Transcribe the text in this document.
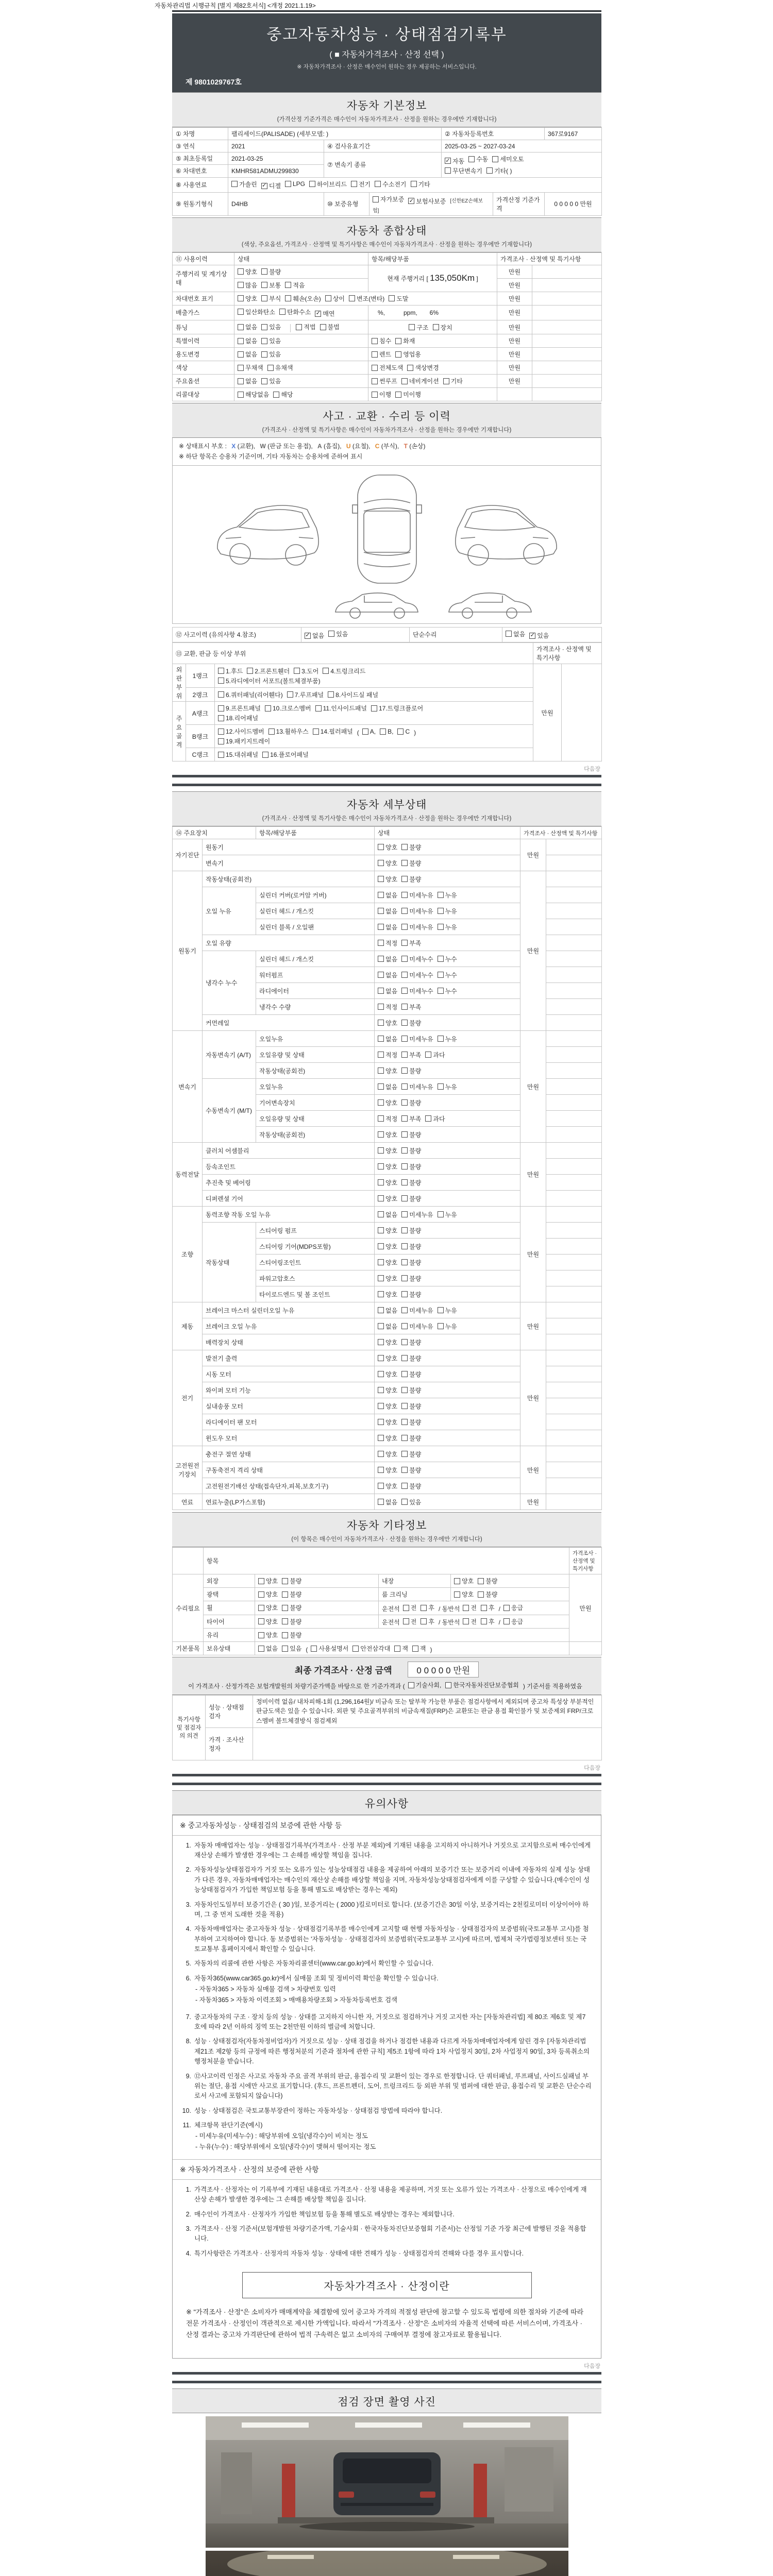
자동차관리법 시행규칙 [별지 제82호서식] <개정 2021.1.19>
중고자동차성능 · 상태점검기록부
( ■ 자동차가격조사 · 산정 선택 )
※ 자동차가격조사 · 산정은 매수인이 원하는 경우 제공하는 서비스입니다.
제 9801029767호
자동차 기본정보
(가격산정 기준가격은 매수인이 자동차가격조사 · 산정을 원하는 경우에만 기재합니다)
① 차명	팰리세이드(PALISADE) (세부모델: )			② 자동차등록번호		367로9167
③ 연식	2021	④ 검사유효기간		2025-03-25 ~ 2027-03-24		
⑤ 최초등록일	2021-03-25	⑦ 변속기 종류	
✓
자동 수동 세미오토

무단변속기 기타( )

⑥ 차대번호	KMHR581ADMU299830					
⑧ 사용연료	가솔린 ✓ 디젤 LPG 하이브리드 전기 수소전기 기타

⑨ 원동기형식	D4HB	⑩ 보증유형	자가보증 ✓ 보험사보증 [신한EZ손해보험]		가격산정 기준가격	0 0 0 0 0 만원
자동차 종합상태
(색상, 주요옵션, 가격조사 · 산정액 및 특기사항은 매수인이 자동차가격조사 · 산정을 원하는 경우에만 기재합니다)
⑪ 사용이력	상태	항목/해당부품	가격조사 · 산정액 및 특기사항	
주행거리 및 계기상태	양호 불량	현재 주행거리 [ 135,050Km ]	만원	

	많음 보통 적음		만원	
차대번호 표기	양호 부식 훼손(오손) 상이 변조(변타) 도말	만원	
배출가스	일산화탄소 탄화수소 ✓ 매연	　%,　　　ppm,　　6%	만원	
튜닝	없음 있음 적법 불법	구조 장치	만원	
특별이력	없음 있음	침수 화재	만원	
용도변경	없음 있음	렌트 영업용	만원	
색상	무채색 유채색	전체도색 색상변경	만원	
주요옵션	없음 있음	썬루프 네비게이션 기타	만원	
리콜대상	해당없음 해당	이행 미이행		

사고 · 교환 · 수리 등 이력
(가격조사 · 산정액 및 특기사항은 매수인이 자동차가격조사 · 산정을 원하는 경우에만 기재합니다)
※ 상태표시 부호 : X (교환), W (판금 또는 용접), A (흠집), U (요철), C (부식), T (손상)
※ 하단 항목은 승용차 기준이며, 기타 자동차는 승용차에 준하여 표시
⑫ 사고이력 (유의사항 4.참조)	
✓없음 있음	단순수리	없음 ✓ 있음
⑬ 교환, 판금 등 이상 부위			가격조사 · 산정액 및 특기사항	
외판부위	1랭크	1.후드 2.프론트휀더 3.도어 4.트렁크리드

5.라디에이터 서포트(볼트체결부품)	만원	
	2랭크	6.쿼터패널(리어휀다) 7.루프패널 8.사이드실 패널		

주요골격	A랭크	9.프론트패널 10.크로스멤버 11.인사이드패널 17.트렁크플로어

18.리어패널		

B랭크	
12.사이드멤버 13.휠하우스 14.필러패널 ( A, B, C )

19.패키지트레이

	C랭크	15.대쉬패널 16.플로어패널		
다음장
자동차 세부상태
(가격조사 · 산정액 및 특기사항은 매수인이 자동차가격조사 · 산정을 원하는 경우에만 기재합니다)
⑭ 주요장치		항목/해당부품	상태	가격조사 · 산정액 및 특기사항	
자기진단	원동기		양호 불량	만원	
	변속기		양호 불량		

원동기	작동상태(공회전)		양호 불량	만원	
	오일 누유	실린더 커버(로커암 커버)	없음 미세누유 누유		

		실린더 헤드 / 개스킷	없음 미세누유 누유		

		실린더 블록 / 오일팬	없음 미세누유 누유		

	오일 유량		적정 부족		

	냉각수 누수	실린더 헤드 / 개스킷	없음 미세누수 누수		

		워터펌프	없음 미세누수 누수		

		라디에이터	없음 미세누수 누수		

		냉각수 수량	적정 부족		

	커먼레일		양호 불량		

변속기	자동변속기 (A/T)	오일누유	없음 미세누유 누유	만원	
		오일유량 및 상태	적정 부족 과다		

		작동상태(공회전)	양호 불량		

	수동변속기 (M/T)	오일누유	없음 미세누유 누유		

		기어변속장치	양호 불량		

		오일유량 및 상태	적정 부족 과다		

		작동상태(공회전)	양호 불량		

동력전달	클러치 어셈블리		양호 불량	만원	
	등속조인트		양호 불량		

	추진축 및 베어링		양호 불량		

	디퍼렌셜 기어		양호 불량		

조향	동력조향 작동 오일 누유		없음 미세누유 누유	만원	
	작동상태	스티어링 펌프	양호 불량		

		스티어링 기어(MDPS포함)	양호 불량		

		스티어링조인트	양호 불량		

		파워고압호스	양호 불량		

		타이로드엔드 및 볼 조인트	양호 불량		

제동	브레이크 마스터 실린더오일 누유		없음 미세누유 누유	만원	
	브레이크 오일 누유		없음 미세누유 누유		

	배력장치 상태		양호 불량		

전기	발전기 출력		양호 불량	만원	
	시동 모터		양호 불량		

	와이퍼 모터 기능		양호 불량		

	실내송풍 모터		양호 불량		

	라디에이터 팬 모터		양호 불량		

	윈도우 모터		양호 불량		

고전원전기장치	충전구 절연 상태		양호 불량	만원	
	구동축전지 격리 상태		양호 불량		

	고전원전기배선 상태(접속단자,피복,보호기구)		양호 불량		

연료	연료누출(LP가스포함)		없음 있음	만원	
자동차 기타정보
(이 항목은 매수인이 자동차가격조사 · 산정을 원하는 경우에만 기재합니다)
	항목				가격조사 · 산정액 및 특기사항
수리필요	외장	양호 불량	내장	양호 불량	만원
	광택	양호 불량	룸 크리닝	양호 불량	

휠	양호 불량	운전석 전 후 / 동반석 전 후 / 응급

타이어	양호 불량	운전석 전 후 / 동반석 전 후 / 응급

	유리	양호 불량			

기본품목	보유상태	없음 있음 ( 사용설명서 안전삼각대 잭 잭 )	
최종 가격조사 · 산정 금액	0 0 0 0 0 만원
이 가격조사 · 산정가격은 보험개발원의 차량기준가액을 바탕으로 한 기준가격과 ( 기술사회, 한국자동차진단보증협회 ) 기준서를 적용하였음
특기사항 및 점검자의 의견	성능 · 상태점검자	정비이력 없음/ 내차피해-1회 (1,296,164원)/ 비금속 또는 탈부착 가능한 부품은 점검사항에서 제외되며 중고차 특성상 부분적인 판금도색은 있을 수 있습니다. 외판 및 주요골격부위의 비금속재질(FRP)은 교환또는 판금 용접 확인불가 및 보증제외 FRP/크로스멤버 볼트체결방식 점검제외
	가격 · 조사산정자	
다음장
유의사항
※ 중고자동차성능 · 상태점검의 보증에 관한 사항 등
1. 자동차 매매업자는 성능 · 상태점검기록부(가격조사 · 산정 부분 제외)에 기재된 내용을 고지하지 아니하거나 거짓으로 고지함으로써 매수인에게 재산상 손해가 발생한 경우에는 그 손해를 배상할 책임을 집니다.
2. 자동차성능상태점검자가 거짓 또는 오류가 있는 성능상태점검 내용을 제공하여 아래의 보증기간 또는 보증거리 이내에 자동차의 실제 성능 상태가 다른 경우, 자동차매매업자는 매수인의 재산상 손해를 배상할 책임을 지며, 자동차성능상태점검자에게 이를 구상할 수 있습니다.(매수인이 성능상태점검자가 가입한 책임보험 등을 통해 별도로 배상받는 경우는 제외)
3. 자동차인도일부터 보증기간은 ( 30 )일, 보증거리는 ( 2000 )킬로미터로 합니다. (보증기간은 30일 이상, 보증거리는 2천킬로미터 이상이어야 하며, 그 중 먼저 도래한 것을 적용)
4. 자동차매매업자는 중고자동차 성능 · 상태점검기록부를 매수인에게 고지할 때 현행 자동차성능 · 상태점검자의 보증범위(국토교통부 고시)를 첨부하여 고지하여야 합니다. 동 보증범위는 '자동차성능 · 상태점검자의 보증범위'(국토교통부 고시)에 따르며, 법제처 국가법령정보센터 또는 국토교통부 홈페이지에서 확인할 수 있습니다.
5. 자동차의 리콜에 관한 사항은 자동차리콜센터(www.car.go.kr)에서 확인할 수 있습니다.
6. 자동차365(www.car365.go.kr)에서 실매물 조회 및 정비이력 확인을 확인할 수 있습니다.
- 자동차365 > 자동차 실매물 검색 > 차량번호 입력
- 자동차365 > 자동차 이력조회 > 매매용차량조회 > 자동차등록번호 검색
7. 중고자동차의 구조 · 장치 등의 성능 · 상태를 고지하지 아니한 자, 거짓으로 점검하거나 거짓 고지한 자는 [자동차관리법] 제 80조 제6호 및 제7호에 따라 2년 이하의 징역 또는 2천만원 이하의 벌금에 처합니다.
8. 성능 · 상태점검자(자동차정비업자)가 거짓으로 성능 · 상태 점검을 하거나 점검한 내용과 다르게 자동차매매업자에게 알린 경우 [자동차관리법 제21조 제2항 등의 규정에 따른 행정처분의 기준과 절차에 관한 규칙] 제5조 1항에 따라 1차 사업정지 30일, 2차 사업정지 90일, 3차 등록취소의 행정처분을 받습니다.
9. ⑫사고이력 인정은 사고로 자동차 주요 골격 부위의 판금, 용접수리 및 교환이 있는 경우로 한정합니다. 단 쿼터패널, 루프패널, 사이드실패널 부위는 절단, 용접 시에만 사고로 표기합니다. (후드, 프론트펜더, 도어, 트렁크리드 등 외판 부위 및 범퍼에 대한 판금, 용접수리 및 교환은 단순수리로서 사고에 포함되지 않습니다)
10. 성능 · 상태점검은 국토교통부장관이 정하는 자동차성능 · 상태점검 방법에 따라야 합니다.
11. 체크항목 판단기준(예시)
- 미세누유(미세누수) : 해당부위에 오일(냉각수)이 비치는 정도
- 누유(누수) : 해당부위에서 오일(냉각수)이 맺혀서 떨어지는 정도
※ 자동차가격조사 · 산정의 보증에 관한 사항
1. 가격조사 · 산정자는 이 기록부에 기재된 내용대로 가격조사 · 산정 내용을 제공하며, 거짓 또는 오류가 있는 가격조사 · 산정으로 매수인에게 재산상 손해가 발생한 경우에는 그 손해를 배상할 책임을 집니다.
2. 매수인이 가격조사 · 산정자가 가입한 책임보험 등을 통해 별도로 배상받는 경우는 제외합니다.
3. 가격조사 · 산정 기준서(보험개발원 차량기준가액, 기술사회 · 한국자동차진단보증협회 기준서)는 산정일 기준 가장 최근에 발행된 것을 적용합니다.
4. 특기사항란은 가격조사 · 산정자의 자동차 성능 · 상태에 대한 견해가 성능 · 상태점검자의 견해와 다를 경우 표시합니다.
자동차가격조사 · 산정이란
※ "가격조사 · 산정"은 소비자가 매매계약을 체결함에 있어 중고차 가격의 적절성 판단에 참고할 수 있도록 법령에 의한 절차와 기준에 따라 전문 가격조사 · 산정인이 객관적으로 제시한 가액입니다. 따라서 "가격조사 · 산정"은 소비자의 자율적 선택에 따른 서비스이며, 가격조사 · 산정 결과는 중고차 가격판단에 관하여 법적 구속력은 없고 소비자의 구매여부 결정에 참고자료로 활용됩니다.
다음장
점검 장면 촬영 사진
